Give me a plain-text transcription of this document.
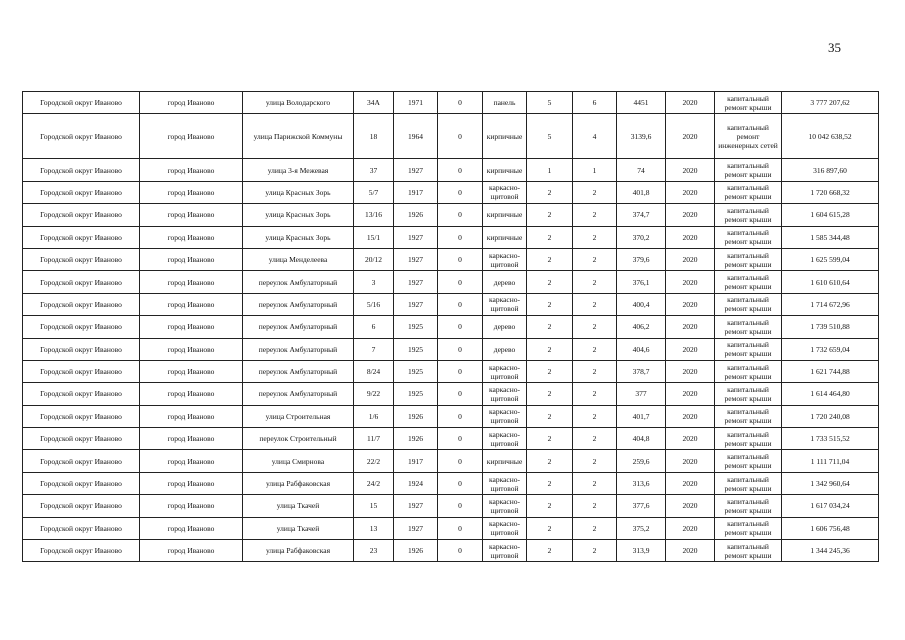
35
Городской округ Иваново	город Иваново	улица Володарского	34А	1971	0	панель	5	6	4451	2020	капитальный ремонт крыши	3 777 207,62
Городской округ Иваново	город Иваново	улица Парижской Коммуны	18	1964	0	кирпичные	5	4	3139,6	2020	капитальный ремонт инженерных сетей	10 042 638,52
Городской округ Иваново	город Иваново	улица 3-я Межевая	37	1927	0	кирпичные	1	1	74	2020	капитальный ремонт крыши	316 897,60
Городской округ Иваново	город Иваново	улица Красных Зорь	5/7	1917	0	каркасно-щитовой	2	2	401,8	2020	капитальный ремонт крыши	1 720 668,32
Городской округ Иваново	город Иваново	улица Красных Зорь	13/16	1926	0	кирпичные	2	2	374,7	2020	капитальный ремонт крыши	1 604 615,28
Городской округ Иваново	город Иваново	улица Красных Зорь	15/1	1927	0	кирпичные	2	2	370,2	2020	капитальный ремонт крыши	1 585 344,48
Городской округ Иваново	город Иваново	улица Менделеева	20/12	1927	0	каркасно-щитовой	2	2	379,6	2020	капитальный ремонт крыши	1 625 599,04
Городской округ Иваново	город Иваново	переулок Амбулаторный	3	1927	0	дерево	2	2	376,1	2020	капитальный ремонт крыши	1 610 610,64
Городской округ Иваново	город Иваново	переулок Амбулаторный	5/16	1927	0	каркасно-щитовой	2	2	400,4	2020	капитальный ремонт крыши	1 714 672,96
Городской округ Иваново	город Иваново	переулок Амбулаторный	6	1925	0	дерево	2	2	406,2	2020	капитальный ремонт крыши	1 739 510,88
Городской округ Иваново	город Иваново	переулок Амбулаторный	7	1925	0	дерево	2	2	404,6	2020	капитальный ремонт крыши	1 732 659,04
Городской округ Иваново	город Иваново	переулок Амбулаторный	8/24	1925	0	каркасно-щитовой	2	2	378,7	2020	капитальный ремонт крыши	1 621 744,88
Городской округ Иваново	город Иваново	переулок Амбулаторный	9/22	1925	0	каркасно-щитовой	2	2	377	2020	капитальный ремонт крыши	1 614 464,80
Городской округ Иваново	город Иваново	улица Строительная	1/6	1926	0	каркасно-щитовой	2	2	401,7	2020	капитальный ремонт крыши	1 720 240,08
Городской округ Иваново	город Иваново	переулок Строительный	11/7	1926	0	каркасно-щитовой	2	2	404,8	2020	капитальный ремонт крыши	1 733 515,52
Городской округ Иваново	город Иваново	улица Смирнова	22/2	1917	0	кирпичные	2	2	259,6	2020	капитальный ремонт крыши	1 111 711,04
Городской округ Иваново	город Иваново	улица Рабфаковская	24/2	1924	0	каркасно-щитовой	2	2	313,6	2020	капитальный ремонт крыши	1 342 960,64
Городской округ Иваново	город Иваново	улица Ткачей	15	1927	0	каркасно-щитовой	2	2	377,6	2020	капитальный ремонт крыши	1 617 034,24
Городской округ Иваново	город Иваново	улица Ткачей	13	1927	0	каркасно-щитовой	2	2	375,2	2020	капитальный ремонт крыши	1 606 756,48
Городской округ Иваново	город Иваново	улица Рабфаковская	23	1926	0	каркасно-щитовой	2	2	313,9	2020	капитальный ремонт крыши	1 344 245,36
